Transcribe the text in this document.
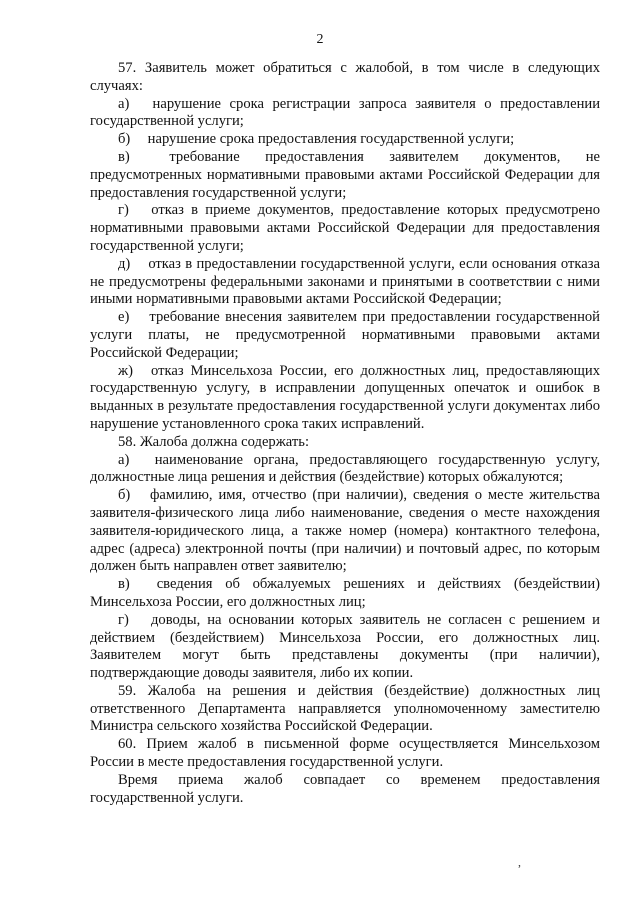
2

57. Заявитель может обратиться с жалобой, в том числе в следующих случаях:

а) нарушение срока регистрации запроса заявителя о предоставлении государственной услуги;

б) нарушение срока предоставления государственной услуги;

в)	требование предоставления заявителем документов, не предусмотренных нормативными правовыми актами Российской Федерации для предоставления государственной услуги;

г) отказ в приеме документов, предоставление которых предусмотрено нормативными правовыми актами Российской Федерации для предоставления государственной услуги;

д) отказ в предоставлении государственной услуги, если основания отказа не предусмотрены федеральными законами и принятыми в соответствии с ними иными нормативными правовыми актами Российской Федерации;

е) требование внесения заявителем при предоставлении государственной услуги платы, не предусмотренной нормативными правовыми актами Российской Федерации;

ж) отказ Минсельхоза России, его должностных лиц, предоставляющих государственную услугу, в исправлении допущенных опечаток и ошибок в выданных в результате предоставления государственной услуги документах либо нарушение установленного срока таких исправлений.

58. Жалоба должна содержать:

а) наименование органа, предоставляющего государственную услугу, должностные лица решения и действия (бездействие) которых обжалуются;

б) фамилию, имя, отчество (при наличии), сведения о месте жительства заявителя-физического лица либо наименование, сведения о месте нахождения заявителя-юридического лица, а также номер (номера) контактного телефона, адрес (адреса) электронной почты (при наличии) и почтовый адрес, по которым должен быть направлен ответ заявителю;

в) сведения об обжалуемых решениях и действиях (бездействии) Минсельхоза России, его должностных лиц;

г) доводы, на основании которых заявитель не согласен с решением и действием (бездействием) Минсельхоза России, его должностных лиц. Заявителем могут быть представлены документы (при наличии), подтверждающие доводы заявителя, либо их копии.

59. Жалоба на решения и действия (бездействие) должностных лиц ответственного Департамента направляется уполномоченному заместителю Министра сельского хозяйства Российской Федерации.

60. Прием жалоб в письменной форме осуществляется Минсельхозом России в месте предоставления государственной услуги.

Время приема жалоб совпадает со временем предоставления государственной услуги.

,
